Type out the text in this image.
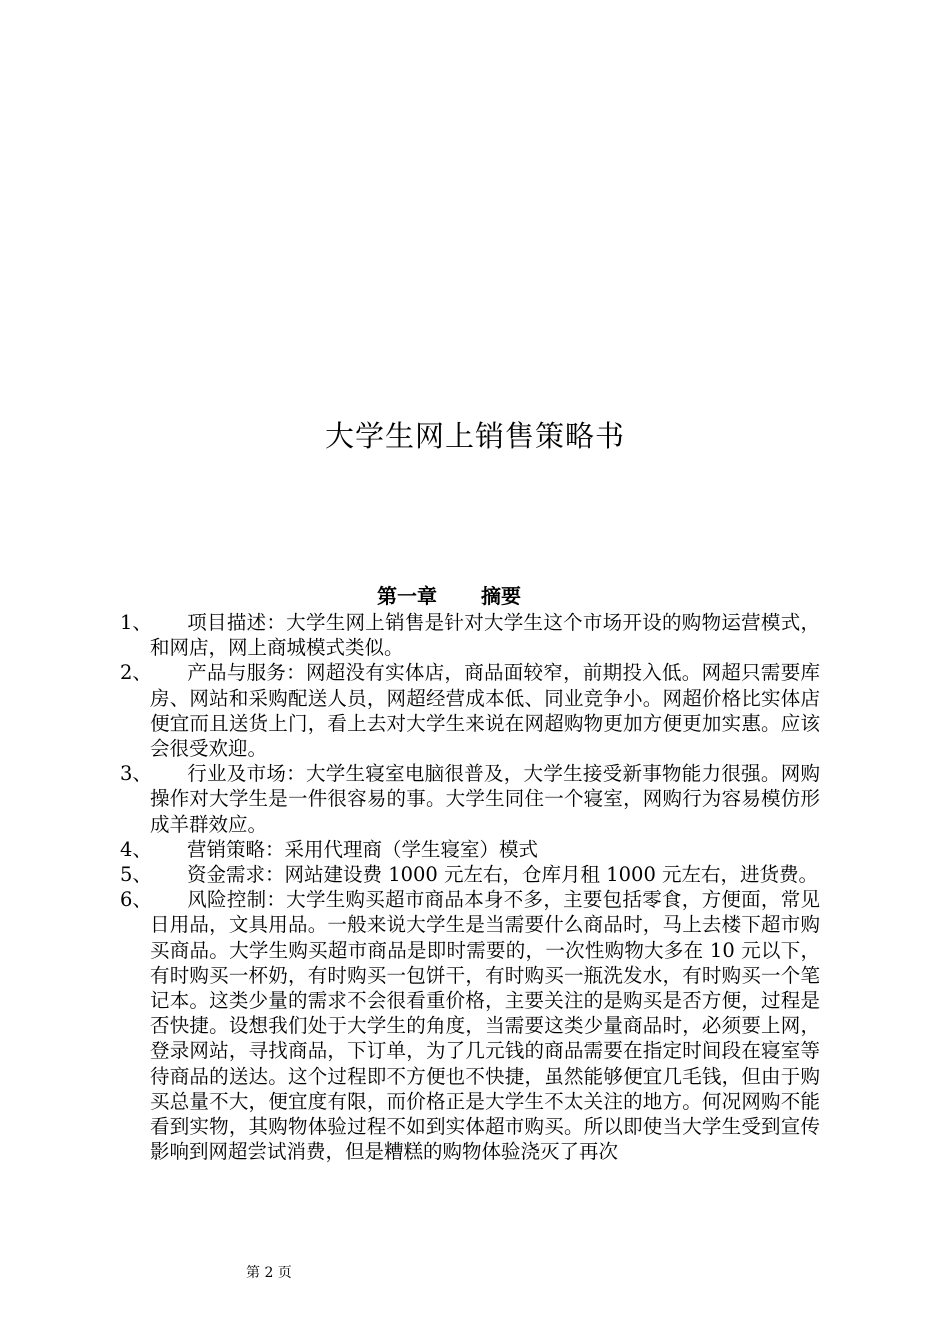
大学生网上销售策略书
第一章 摘要
1、 项目描述：大学生网上销售是针对大学生这个市场开设的购物运营模式， 和网店，网上商城模式类似。
2、 产品与服务：网超没有实体店，商品面较窄，前期投入低。网超只需要库房、网站和采购配送人员，网超经营成本低、同业竞争小。网超价格比实体店便宜而且送货上门，看上去对大学生来说在网超购物更加方便更加实惠。应该会很受欢迎。
3、 行业及市场：大学生寝室电脑很普及，大学生接受新事物能力很强。网购操作对大学生是一件很容易的事。大学生同住一个寝室，网购行为容易模仿形成羊群效应。
4、 营销策略：采用代理商（学生寝室）模式
5、 资金需求：网站建设费 1000 元左右，仓库月租 1000 元左右，进货费。
6、 风险控制：大学生购买超市商品本身不多，主要包括零食，方便面，常见日用品，文具用品。一般来说大学生是当需要什么商品时，马上去楼下超市购买商品。大学生购买超市商品是即时需要的，一次性购物大多在 10 元以下，有时购买一杯奶，有时购买一包饼干，有时购买一瓶洗发水，有时购买一个笔记本。这类少量的需求不会很看重价格，主要关注的是购买是否方便，过程是否快捷。设想我们处于大学生的角度，当需要这类少量商品时，必须要上网，登录网站，寻找商品，下订单，为了几元钱的商品需要在指定时间段在寝室等待商品的送达。这个过程即不方便也不快捷，虽然能够便宜几毛钱，但由于购买总量不大，便宜度有限，而价格正是大学生不太关注的地方。何况网购不能看到实物，其购物体验过程不如到实体超市购买。所以即使当大学生受到宣传影响到网超尝试消费，但是糟糕的购物体验浇灭了再次
第 2 页
